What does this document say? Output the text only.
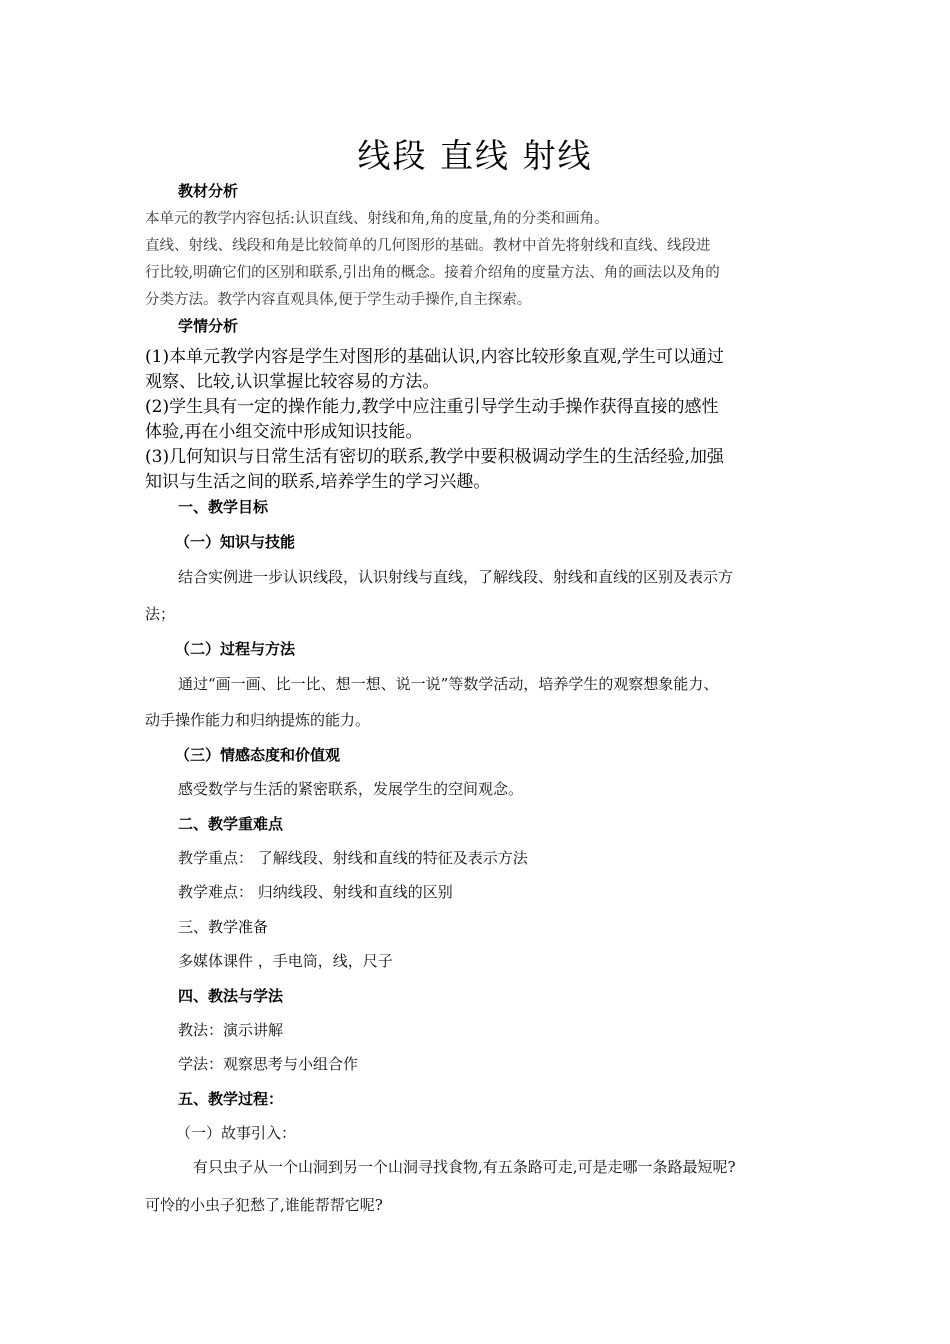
线段 直线 射线
教材分析
本单元的教学内容包括:认识直线、射线和角,角的度量,角的分类和画角。
直线、射线、线段和角是比较简单的几何图形的基础。教材中首先将射线和直线、线段进
行比较,明确它们的区别和联系,引出角的概念。接着介绍角的度量方法、角的画法以及角的
分类方法。教学内容直观具体,便于学生动手操作,自主探索。
学情分析
(1)本单元教学内容是学生对图形的基础认识,内容比较形象直观,学生可以通过
观察、比较,认识掌握比较容易的方法。
(2)学生具有一定的操作能力,教学中应注重引导学生动手操作获得直接的感性
体验,再在小组交流中形成知识技能。
(3)几何知识与日常生活有密切的联系,教学中要积极调动学生的生活经验,加强
知识与生活之间的联系,培养学生的学习兴趣。
一、教学目标
（一）知识与技能
结合实例进一步认识线段，认识射线与直线，了解线段、射线和直线的区别及表示方
法；
（二）过程与方法
通过“画一画、比一比、想一想、说一说”等数学活动，培养学生的观察想象能力、
动手操作能力和归纳提炼的能力。
（三）情感态度和价值观
感受数学与生活的紧密联系，发展学生的空间观念。
二、教学重难点
教学重点： 了解线段、射线和直线的特征及表示方法
教学难点： 归纳线段、射线和直线的区别
三、教学准备
多媒体课件 ，手电筒，线，尺子
四、教法与学法
教法：演示讲解
学法：观察思考与小组合作
五、教学过程：
（一）故事引入：
有只虫子从一个山洞到另一个山洞寻找食物,有五条路可走,可是走哪一条路最短呢?
可怜的小虫子犯愁了,谁能帮帮它呢?
